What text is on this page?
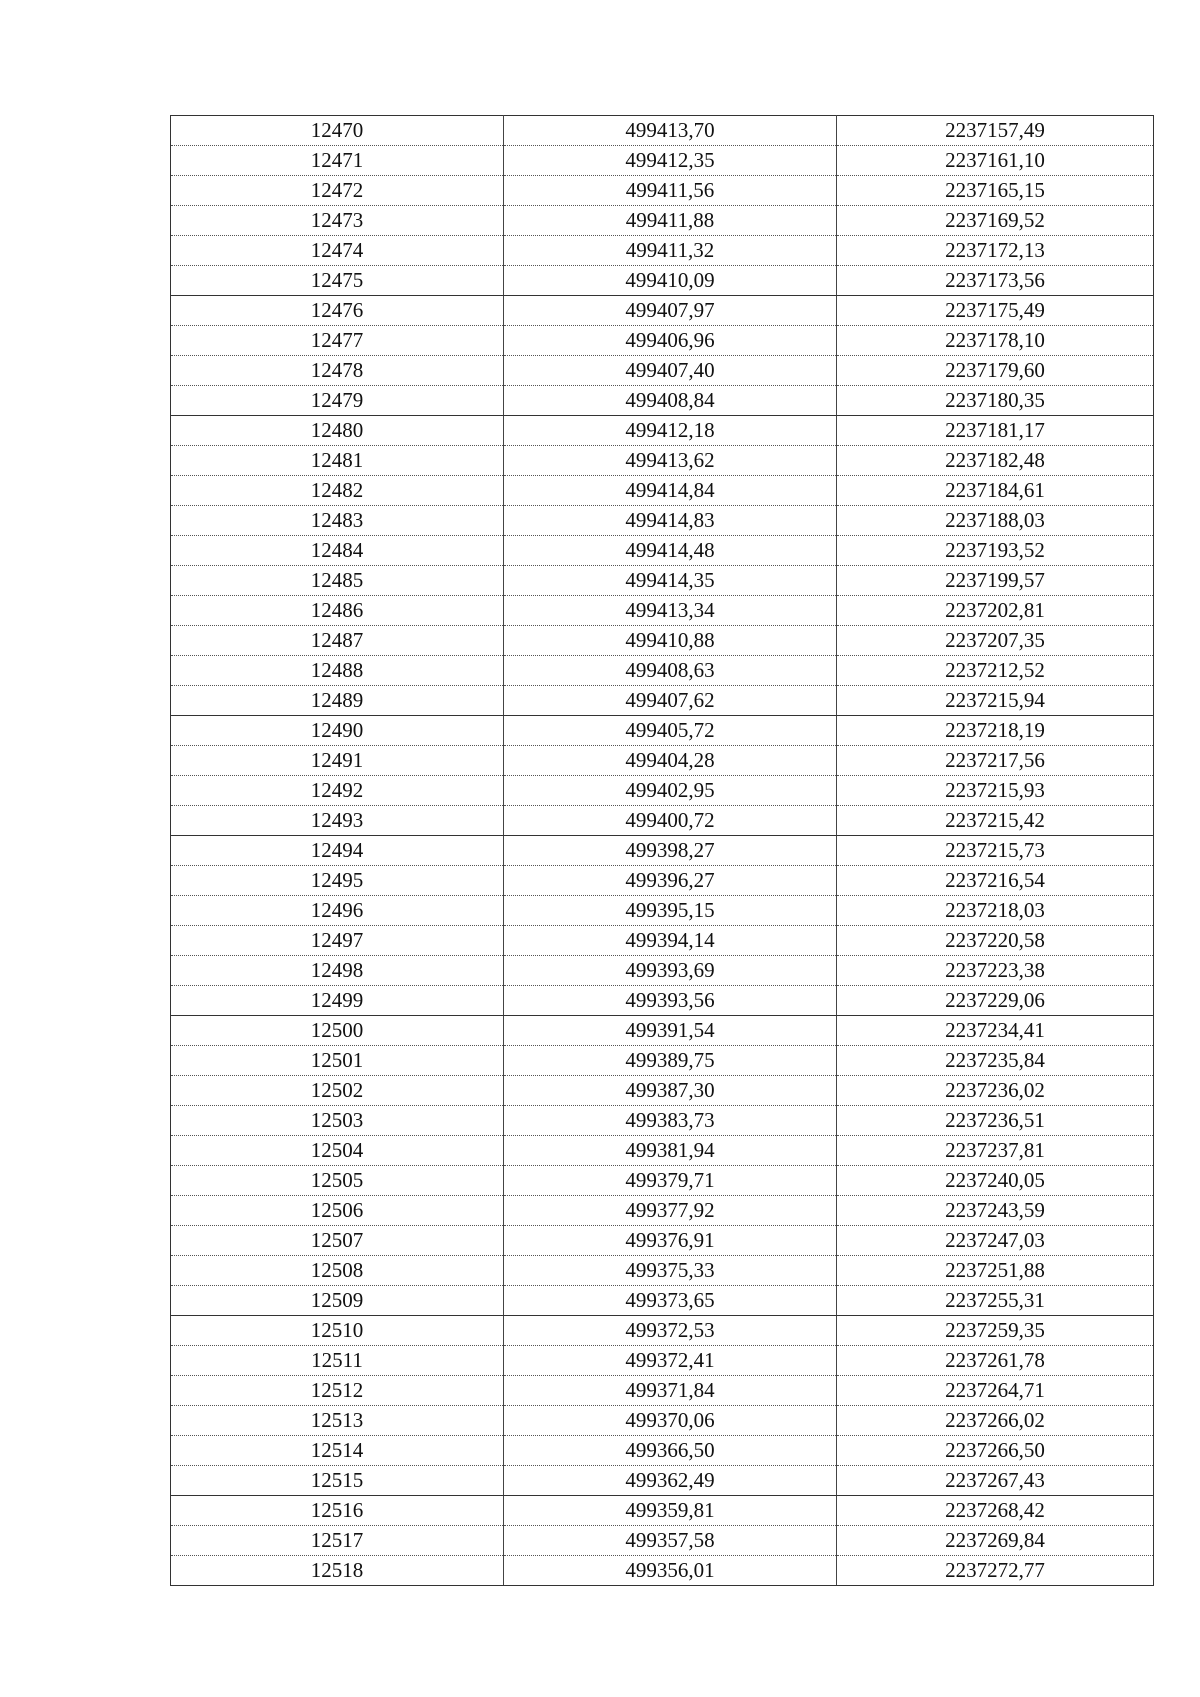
12470	499413,70	2237157,49
12471	499412,35	2237161,10
12472	499411,56	2237165,15
12473	499411,88	2237169,52
12474	499411,32	2237172,13
12475	499410,09	2237173,56
12476	499407,97	2237175,49
12477	499406,96	2237178,10
12478	499407,40	2237179,60
12479	499408,84	2237180,35
12480	499412,18	2237181,17
12481	499413,62	2237182,48
12482	499414,84	2237184,61
12483	499414,83	2237188,03
12484	499414,48	2237193,52
12485	499414,35	2237199,57
12486	499413,34	2237202,81
12487	499410,88	2237207,35
12488	499408,63	2237212,52
12489	499407,62	2237215,94
12490	499405,72	2237218,19
12491	499404,28	2237217,56
12492	499402,95	2237215,93
12493	499400,72	2237215,42
12494	499398,27	2237215,73
12495	499396,27	2237216,54
12496	499395,15	2237218,03
12497	499394,14	2237220,58
12498	499393,69	2237223,38
12499	499393,56	2237229,06
12500	499391,54	2237234,41
12501	499389,75	2237235,84
12502	499387,30	2237236,02
12503	499383,73	2237236,51
12504	499381,94	2237237,81
12505	499379,71	2237240,05
12506	499377,92	2237243,59
12507	499376,91	2237247,03
12508	499375,33	2237251,88
12509	499373,65	2237255,31
12510	499372,53	2237259,35
12511	499372,41	2237261,78
12512	499371,84	2237264,71
12513	499370,06	2237266,02
12514	499366,50	2237266,50
12515	499362,49	2237267,43
12516	499359,81	2237268,42
12517	499357,58	2237269,84
12518	499356,01	2237272,77
